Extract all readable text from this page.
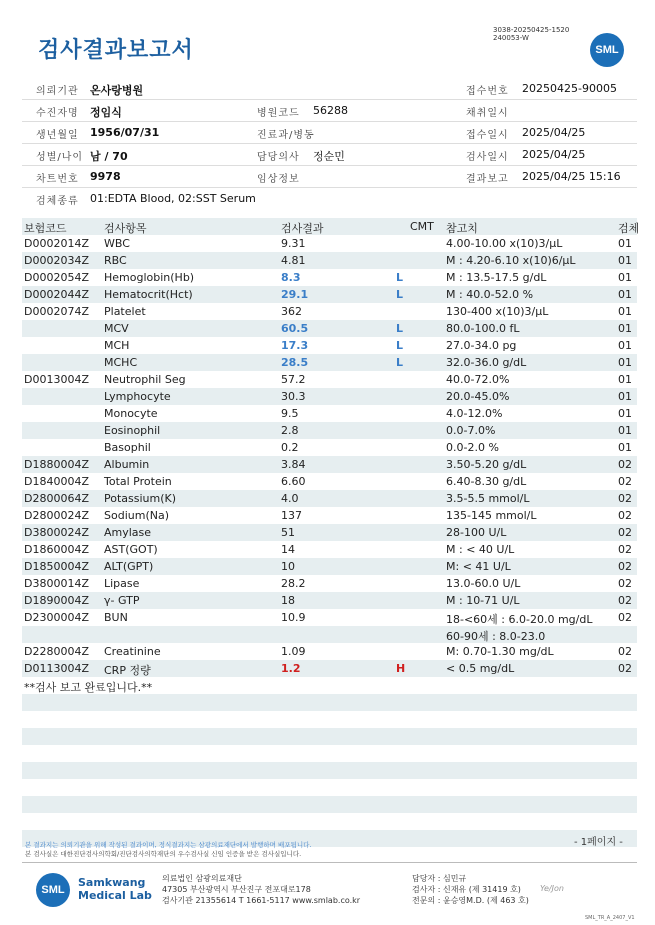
검사결과보고서
3038-20250425-1520
240053-W
SML
의뢰기관 온사랑병원	접수번호 20250425-90005
수진자명 정임식	병원코드 56288	채취일시
생년월일 1956/07/31	진료과/병동	접수일시 2025/04/25
성별/나이 남 / 70	담당의사 정순민	검사일시 2025/04/25
차트번호 9978	임상정보	결과보고 2025/04/25 15:16
검체종류 01:EDTA Blood, 02:SST Serum
보험코드	검사항목	검사결과	CMT 참고치	검체
D0002014Z WBC	9.31	4.00-10.00 x(10)3/μL	01
D0002034Z RBC	4.81	M : 4.20-6.10 x(10)6/μL	01
D0002054Z Hemoglobin(Hb)	8.3	L	M : 13.5-17.5 g/dL	01
D0002044Z Hematocrit(Hct)	29.1	L	M : 40.0-52.0 %	01
D0002074Z Platelet	362	130-400 x(10)3/μL	01
MCV	60.5	L	80.0-100.0 fL	01
MCH	17.3	L	27.0-34.0 pg	01
MCHC	28.5	L	32.0-36.0 g/dL	01
D0013004Z Neutrophil Seg	57.2	40.0-72.0%	01
Lymphocyte	30.3	20.0-45.0%	01
Monocyte	9.5	4.0-12.0%	01
Eosinophil	2.8	0.0-7.0%	01
Basophil	0.2	0.0-2.0 %	01
D1880004Z Albumin	3.84	3.50-5.20 g/dL	02
D1840004Z Total Protein	6.60	6.40-8.30 g/dL	02
D2800064Z Potassium(K)	4.0	3.5-5.5 mmol/L	02
D2800024Z Sodium(Na)	137	135-145 mmol/L	02
D3800024Z Amylase	51	28-100 U/L	02
D1860004Z AST(GOT)	14	M : < 40 U/L	02
D1850004Z ALT(GPT)	10	M: < 41 U/L	02
D3800014Z Lipase	28.2	13.0-60.0 U/L	02
D1890004Z γ- GTP	18	M : 10-71 U/L	02
D2300004Z BUN	10.9	18-<60세 : 6.0-20.0 mg/dL 02
60-90세 : 8.0-23.0
D2280004Z Creatinine	1.09	M: 0.70-1.30 mg/dL	02
D0113004Z CRP 정량	1.2	H	< 0.5 mg/dL	02
**검사 보고 완료입니다.**
- 1페이지 -
본 결과지는 의뢰기관을 위해 작성된 결과이며, 정식결과지는 삼광의료재단에서 발행하며 배포됩니다.
본 검사실은 대한진단검사의학회/진단검사의학재단의 우수검사실 신임 인증을 받은 검사실입니다.
SML
Samkwang
Medical Lab
의료법인 삼광의료재단
47305 부산광역시 부산진구 전포대로178
검사기관 21355614 T 1661-5117 www.smlab.co.kr
담당자 : 심민규
검사자 : 신재유 (제 31419 호)
전문의 : 윤승영M.D. (제 463 호)
Ye/Jon
SML_TR_A_2407_V1
